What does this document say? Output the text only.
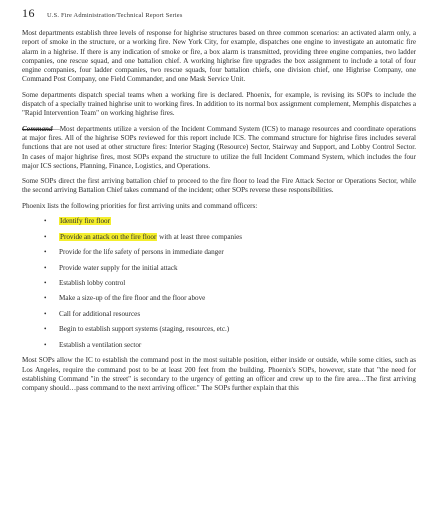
16 U.S. Fire Administration/Technical Report Series

Most departments establish three levels of response for highrise structures based on three common scenarios: an activated alarm only, a report of smoke in the structure, or a working fire. New York City, for example, dispatches one engine to investigate an automatic fire alarm in a highrise. If there is any indication of smoke or fire, a box alarm is transmitted, providing three engine companies, two ladder companies, one rescue squad, and one battalion chief. A working highrise fire upgrades the box assignment to include a total of four engine companies, four ladder companies, two rescue squads, four battalion chiefs, one division chief, one Highrise Company, one Command Post Company, one Field Commander, and one Mask Service Unit.

Some departments dispatch special teams when a working fire is declared. Phoenix, for example, is revising its SOPs to include the dispatch of a specially trained highrise unit to working fires. In addition to its normal box assignment complement, Memphis dispatches a "Rapid Intervention Team" on working highrise fires.

Command—Most departments utilize a version of the Incident Command System (ICS) to manage resources and coordinate operations at major fires. All of the highrise SOPs reviewed for this report include ICS. The command structure for highrise fires includes several functions that are not used at other structure fires: Interior Staging (Resource) Sector, Stairway and Support, and Lobby Control Sector. In cases of major highrise fires, most SOPs expand the structure to utilize the full Incident Command System, which includes the four major ICS sections, Planning, Finance, Logistics, and Operations.

Some SOPs direct the first arriving battalion chief to proceed to the fire floor to lead the Fire Attack Sector or Operations Sector, while the second arriving Battalion Chief takes command of the incident; other SOPs reverse these responsibilities.

Phoenix lists the following priorities for first arriving units and command officers:

• Identify fire floor
• Provide an attack on the fire floor with at least three companies
• Provide for the life safety of persons in immediate danger
• Provide water supply for the initial attack
• Establish lobby control
• Make a size-up of the fire floor and the floor above
• Call for additional resources
• Begin to establish support systems (staging, resources, etc.)
• Establish a ventilation sector

Most SOPs allow the IC to establish the command post in the most suitable position, either inside or outside, while some cities, such as Los Angeles, require the command post to be at least 200 feet from the building. Phoenix's SOPs, however, state that "the need for establishing Command "in the street" is secondary to the urgency of getting an officer and crew up to the fire area…The first arriving company should…pass command to the next arriving officer." The SOPs further explain that this
